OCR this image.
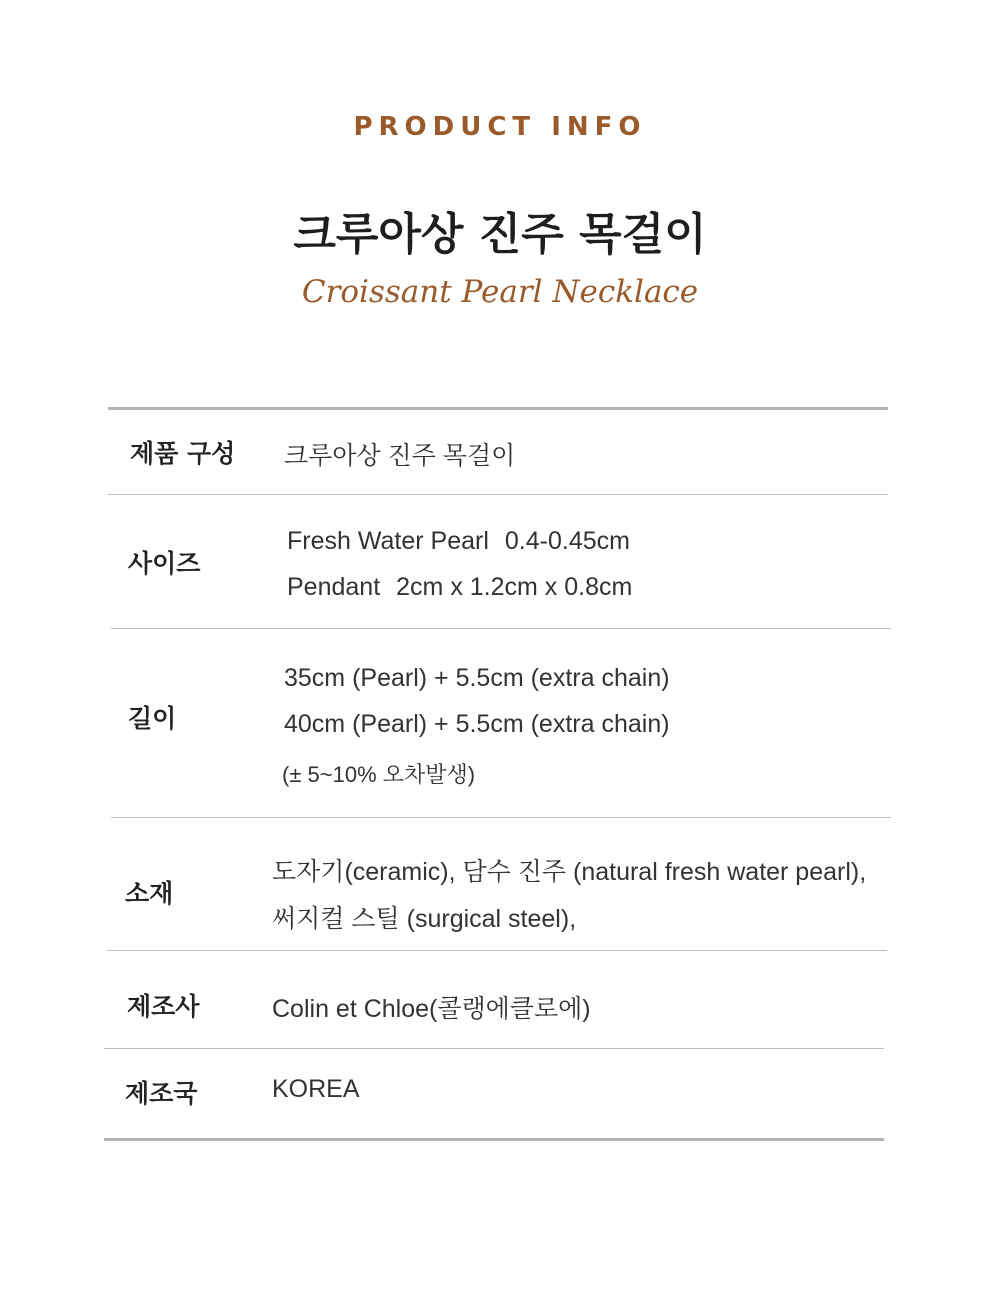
PRODUCT INFO
크루아상 진주 목걸이
Croissant Pearl Necklace
제품 구성 크루아상 진주 목걸이
사이즈
Fresh Water Pearl 0.4-0.45cm
Pendant 2cm x 1.2cm x 0.8cm
길이
35cm (Pearl) + 5.5cm (extra chain)
40cm (Pearl) + 5.5cm (extra chain)
(± 5~10% 오차발생)
소재
도자기(ceramic), 담수 진주 (natural fresh water pearl),
써지컬 스틸 (surgical steel),
제조사	Colin et Chloe(콜랭에클로에)
제조국	KOREA
